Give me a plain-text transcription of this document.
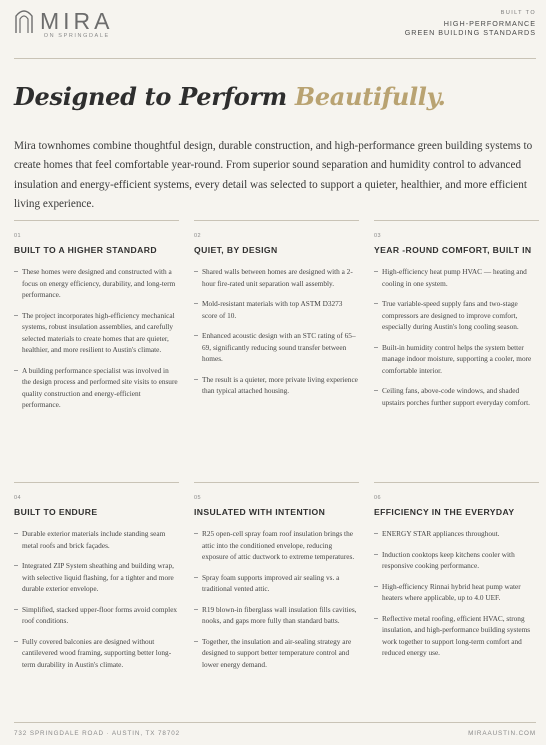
MIRA
ON SPRINGDALE
BUILT TO
HIGH-PERFORMANCE
GREEN BUILDING STANDARDS
Designed to Perform Beautifully.

Mira townhomes combine thoughtful design, durable construction, and high-performance green building systems to create homes that feel comfortable year-round. From superior sound separation and humidity control to advanced insulation and energy-efficient systems, every detail was selected to support a quieter, healthier, and more efficient living experience.

01
BUILT TO A HIGHER STANDARD
These homes were designed and constructed with a focus on energy efficiency, durability, and long-term performance.
The project incorporates high-efficiency mechanical systems, robust insulation assemblies, and carefully selected materials to create homes that are quieter, healthier, and more resilient to Austin's climate.
A building performance specialist was involved in the design process and performed site visits to ensure quality construction and energy-efficient performance.
02
QUIET, BY DESIGN
Shared walls between homes are designed with a 2-hour fire-rated unit separation wall assembly.
Mold-resistant materials with top ASTM D3273 score of 10.
Enhanced acoustic design with an STC rating of 65–69, significantly reducing sound transfer between homes.
The result is a quieter, more private living experience than typical attached housing.
03
YEAR -ROUND COMFORT, BUILT IN
High-efficiency heat pump HVAC — heating and cooling in one system.
True variable-speed supply fans and two-stage compressors are designed to improve comfort, especially during Austin's long cooling season.
Built-in humidity control helps the system better manage indoor moisture, supporting a cooler, more comfortable interior.
Ceiling fans, above-code windows, and shaded upstairs porches further support everyday comfort.
04
BUILT TO ENDURE
Durable exterior materials include standing seam metal roofs and brick façades.
Integrated ZIP System sheathing and building wrap, with selective liquid flashing, for a tighter and more durable exterior envelope.
Simplified, stacked upper-floor forms avoid complex roof conditions.
Fully covered balconies are designed without cantilevered wood framing, supporting better long-term durability in Austin's climate.
05
INSULATED WITH INTENTION
R25 open-cell spray foam roof insulation brings the attic into the conditioned envelope, reducing exposure of attic ductwork to extreme temperatures.
Spray foam supports improved air sealing vs. a traditional vented attic.
R19 blown-in fiberglass wall insulation fills cavities, nooks, and gaps more fully than standard batts.
Together, the insulation and air-sealing strategy are designed to support better temperature control and lower energy demand.
06
EFFICIENCY IN THE EVERYDAY
ENERGY STAR appliances throughout.
Induction cooktops keep kitchens cooler with responsive cooking performance.
High-efficiency Rinnai hybrid heat pump water heaters where applicable, up to 4.0 UEF.
Reflective metal roofing, efficient HVAC, strong insulation, and high-performance building systems work together to support long-term comfort and reduced energy use.
732 SPRINGDALE ROAD · AUSTIN, TX 78702	MIRAAUSTIN.COM
